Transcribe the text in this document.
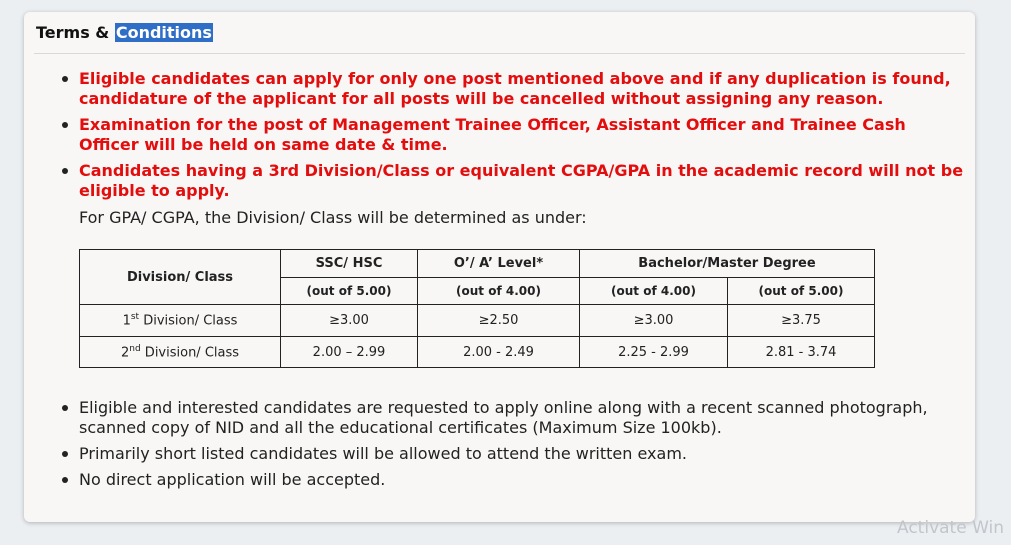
Terms & Conditions
Eligible candidates can apply for only one post mentioned above and if any duplication is found, candidature of the applicant for all posts will be cancelled without assigning any reason.
Examination for the post of Management Trainee Officer, Assistant Officer and Trainee Cash Officer will be held on same date & time.
Candidates having a 3rd Division/Class or equivalent CGPA/GPA in the academic record will not be eligible to apply.
For GPA/ CGPA, the Division/ Class will be determined as under:
Division/ Class	SSC/ HSC	O’/ A’ Level*	Bachelor/Master Degree	
	(out of 5.00)	(out of 4.00)	(out of 4.00)	(out of 5.00)
1st Division/ Class	≥3.00	≥2.50	≥3.00	≥3.75
2nd Division/ Class	2.00 – 2.99	2.00 - 2.49	2.25 - 2.99	2.81 - 3.74
Eligible and interested candidates are requested to apply online along with a recent scanned photograph, scanned copy of NID and all the educational certificates (Maximum Size 100kb).
Primarily short listed candidates will be allowed to attend the written exam.
No direct application will be accepted.
Activate Win
